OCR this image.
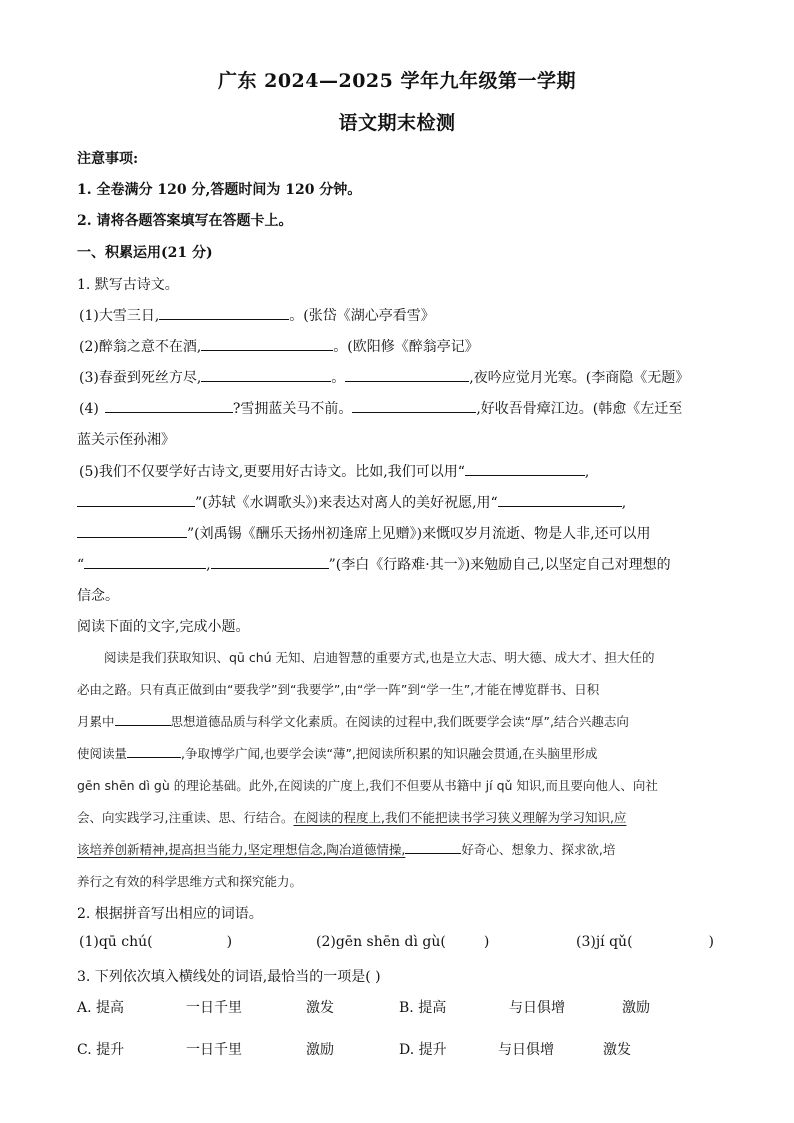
广东 2024—2025 学年九年级第一学期
语文期末检测
注意事项:
1. 全卷满分 120 分,答题时间为 120 分钟。
2. 请将各题答案填写在答题卡上。
一、积累运用(21 分)
1. 默写古诗文。
(1)大雪三日,	。(张岱《湖心亭看雪》
(2)醉翁之意不在酒,	。(欧阳修《醉翁亭记》
(3)春蚕到死丝方尽,	。	,夜吟应觉月光寒。(李商隐《无题》
(4)	?雪拥蓝关马不前。	,好收吾骨瘴江边。(韩愈《左迁至
蓝关示侄孙湘》
(5)我们不仅要学好古诗文,更要用好古诗文。比如,我们可以用“	,
”(苏轼《水调歌头》)来表达对离人的美好祝愿,用“	,
”(刘禹锡《酬乐天扬州初逢席上见赠》)来慨叹岁月流逝、物是人非,还可以用
“	,	”(李白《行路难·其一》)来勉励自己,以坚定自己对理想的
信念。
阅读下面的文字,完成小题。
阅读是我们获取知识、qū chú 无知、启迪智慧的重要方式,也是立大志、明大德、成大才、担大任的
必由之路。只有真正做到由“要我学”到“我要学”,由“学一阵”到“学一生”,才能在博览群书、日积
月累中	思想道德品质与科学文化素质。在阅读的过程中,我们既要学会读“厚”,结合兴趣志向
使阅读量	,争取博学广闻,也要学会读“薄”,把阅读所积累的知识融会贯通,在头脑里形成
gēn shēn dì gù 的理论基础。此外,在阅读的广度上,我们不但要从书籍中 jí qǔ 知识,而且要向他人、向社
会、向实践学习,注重读、思、行结合。在阅读的程度上,我们不能把读书学习狭义理解为学习知识,应
该培养创新精神,提高担当能力,坚定理想信念,陶冶道德情操,	好奇心、想象力、探求欲,培
养行之有效的科学思维方式和探究能力。
2. 根据拼音写出相应的词语。
(1)qū chú(	)	(2)gēn shēn dì gù(	)	(3)jí qǔ(	)
3. 下列依次填入横线处的词语,最恰当的一项是( )
A. 提高	一日千里	激发	B. 提高	与日俱增	激励
C. 提升	一日千里	激励	D. 提升	与日俱增	激发
